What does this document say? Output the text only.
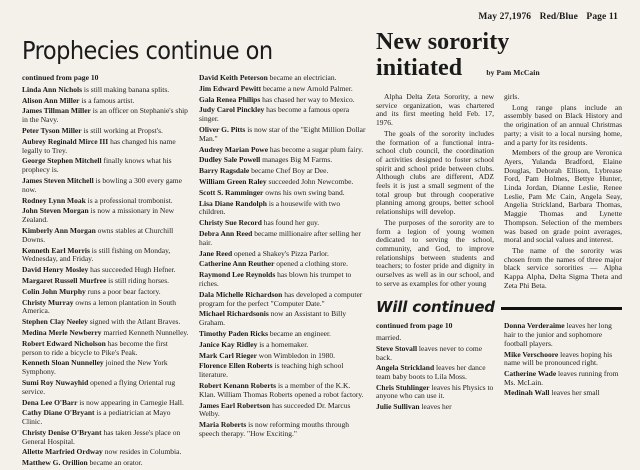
May 27,1976 Red/Blue Page 11
Prophecies continue on
continued from page 10

Linda Ann Nichols is still making banana splits.

Alison Ann Miller is a famous artist.

James Tillman Miller is an officer on Stephanie's ship in the Navy.

Peter Tyson Miller is still working at Propst's.

Aubrey Reginald Mirce III has changed his name legally to Trey.

George Stephen Mitchell finally knows what his prophecy is.

James Steven Mitchell is bowling a 300 every game now.

Rodney Lynn Moak is a professional trombonist.

John Steven Morgan is now a missionary in New Zealand.

Kimberly Ann Morgan owns stables at Churchill Downs.

Kenneth Earl Morris is still fishing on Monday, Wednesday, and Friday.

David Henry Mosley has succeeded Hugh Hefner.

Margaret Russell Murfree is still riding horses.

Colin John Murphy runs a poor bear factory.

Christy Murray owns a lemon plantation in South America.

Stephen Clay Neeley signed with the Atlant Braves.

Medina Merle Newberry married Kenneth Nunnelley.

Robert Edward Nicholson has become the first person to ride a bicycle to Pike's Peak.

Kenneth Sloan Nunnelley joined the New York Symphony.

Sumi Roy Nuwayhid opened a flying Oriental rug service.

Dena Lee O'Barr is now appearing in Carnegie Hall.

Cathy Diane O'Bryant is a pediatrician at Mayo Clinic.

Christy Denise O'Bryant has taken Jesse's place on General Hospital.

Allette Marfried Ordway now resides in Columbia.

Matthew G. Orillion became an orator.

David Keith Peterson became an electrician.

Jim Edward Pewitt became a new Arnold Palmer.

Gala Renea Philips has chased her way to Mexico.

Judy Carol Pinckley has become a famous opera singer.

Oliver G. Pitts is now star of the "Eight Million Dollar Man."

Audrey Marian Powe has become a sugar plum fairy.

Dudley Sale Powell manages Big M Farms.

Barry Ragsdale became Chef Boy ar Dee.

William Green Raley succeeded John Newcombe.

Scott S. Ramminger owns his own swing band.

Lisa Diane Randolph is a housewife with two children.

Christy Sue Record has found her guy.

Debra Ann Reed became millionaire after selling her hair.

Jane Reed opened a Shakey's Pizza Parlor.

Catherine Ann Reuther opened a clothing store.

Raymond Lee Reynolds has blown his trumpet to riches.

Dala Michelle Richardson has developed a computer program for the perfect "Computer Date."

Michael Richardsonis now an Assistant to Billy Graham.

Timothy Paden Ricks became an engineer.

Janice Kay Ridley is a homemaker.

Mark Carl Rieger won Wimbledon in 1980.

Florence Ellen Roberts is teaching high school literature.

Robert Kenann Roberts is a member of the K.K. Klan. William Thomas Roberts opened a robot factory.

James Earl Robertson has succeeded Dr. Marcus Welby.

Maria Roberts is now reforming mouths through speech therapy. "How Exciting."

New sorority
initiated	by Pam McCain

Alpha Delta Zeta Sorority, a new service organization, was chartered and its first meeting held Feb. 17, 1976.

The goals of the sorority includes the formation of a functional intra-school club council, the coordination of activities designed to foster school spirit and school pride between clubs. Although clubs are different, ADZ feels it is just a small segment of the total group but through cooperative planning among groups, better school relationships will develop.

The purposes of the sorority are to form a legion of young women dedicated to serving the school, community, and God, to improve relationships between students and teachers; to foster pride and dignity in ourselves as well as in our school, and to serve as examples for other young

girls.

Long range plans include an assembly based on Black History and the origination of an annual Christmas party; a visit to a local nursing home, and a party for its residents.

Members of the group are Veronica Ayers, Yulanda Bradford, Elaine Douglas, Deborah Ellison, Lybrease Ford, Pam Holmes, Bettye Hunter, Linda Jordan, Dianne Leslie, Renee Leslie, Pam Mc Cain, Angela Seay, Angelia Strickland, Barbara Thomas, Maggie Thomas and Lynette Thompson. Selection of the members was based on grade point averages, moral and social values and interest.

The name of the sorority was chosen from the names of three major black service sororities — Alpha Kappa Alpha, Delta Sigma Theta and Zeta Phi Beta.

Will continued
continued from page 10

married.

Steve Stovall leaves never to come back.

Angela Strickland leaves her dance team baby boots to Lila Moss.

Chris Stuhlinger leaves his Physics to anyone who can use it.

Julie Sullivan leaves her

Donna Verderaime leaves her long hair to the junior and sophomore football players.

Mike Verschoore leaves hoping his name will be pronounced right.

Catherine Wade leaves running from Ms. McLain.

Medinah Wall leaves her small
